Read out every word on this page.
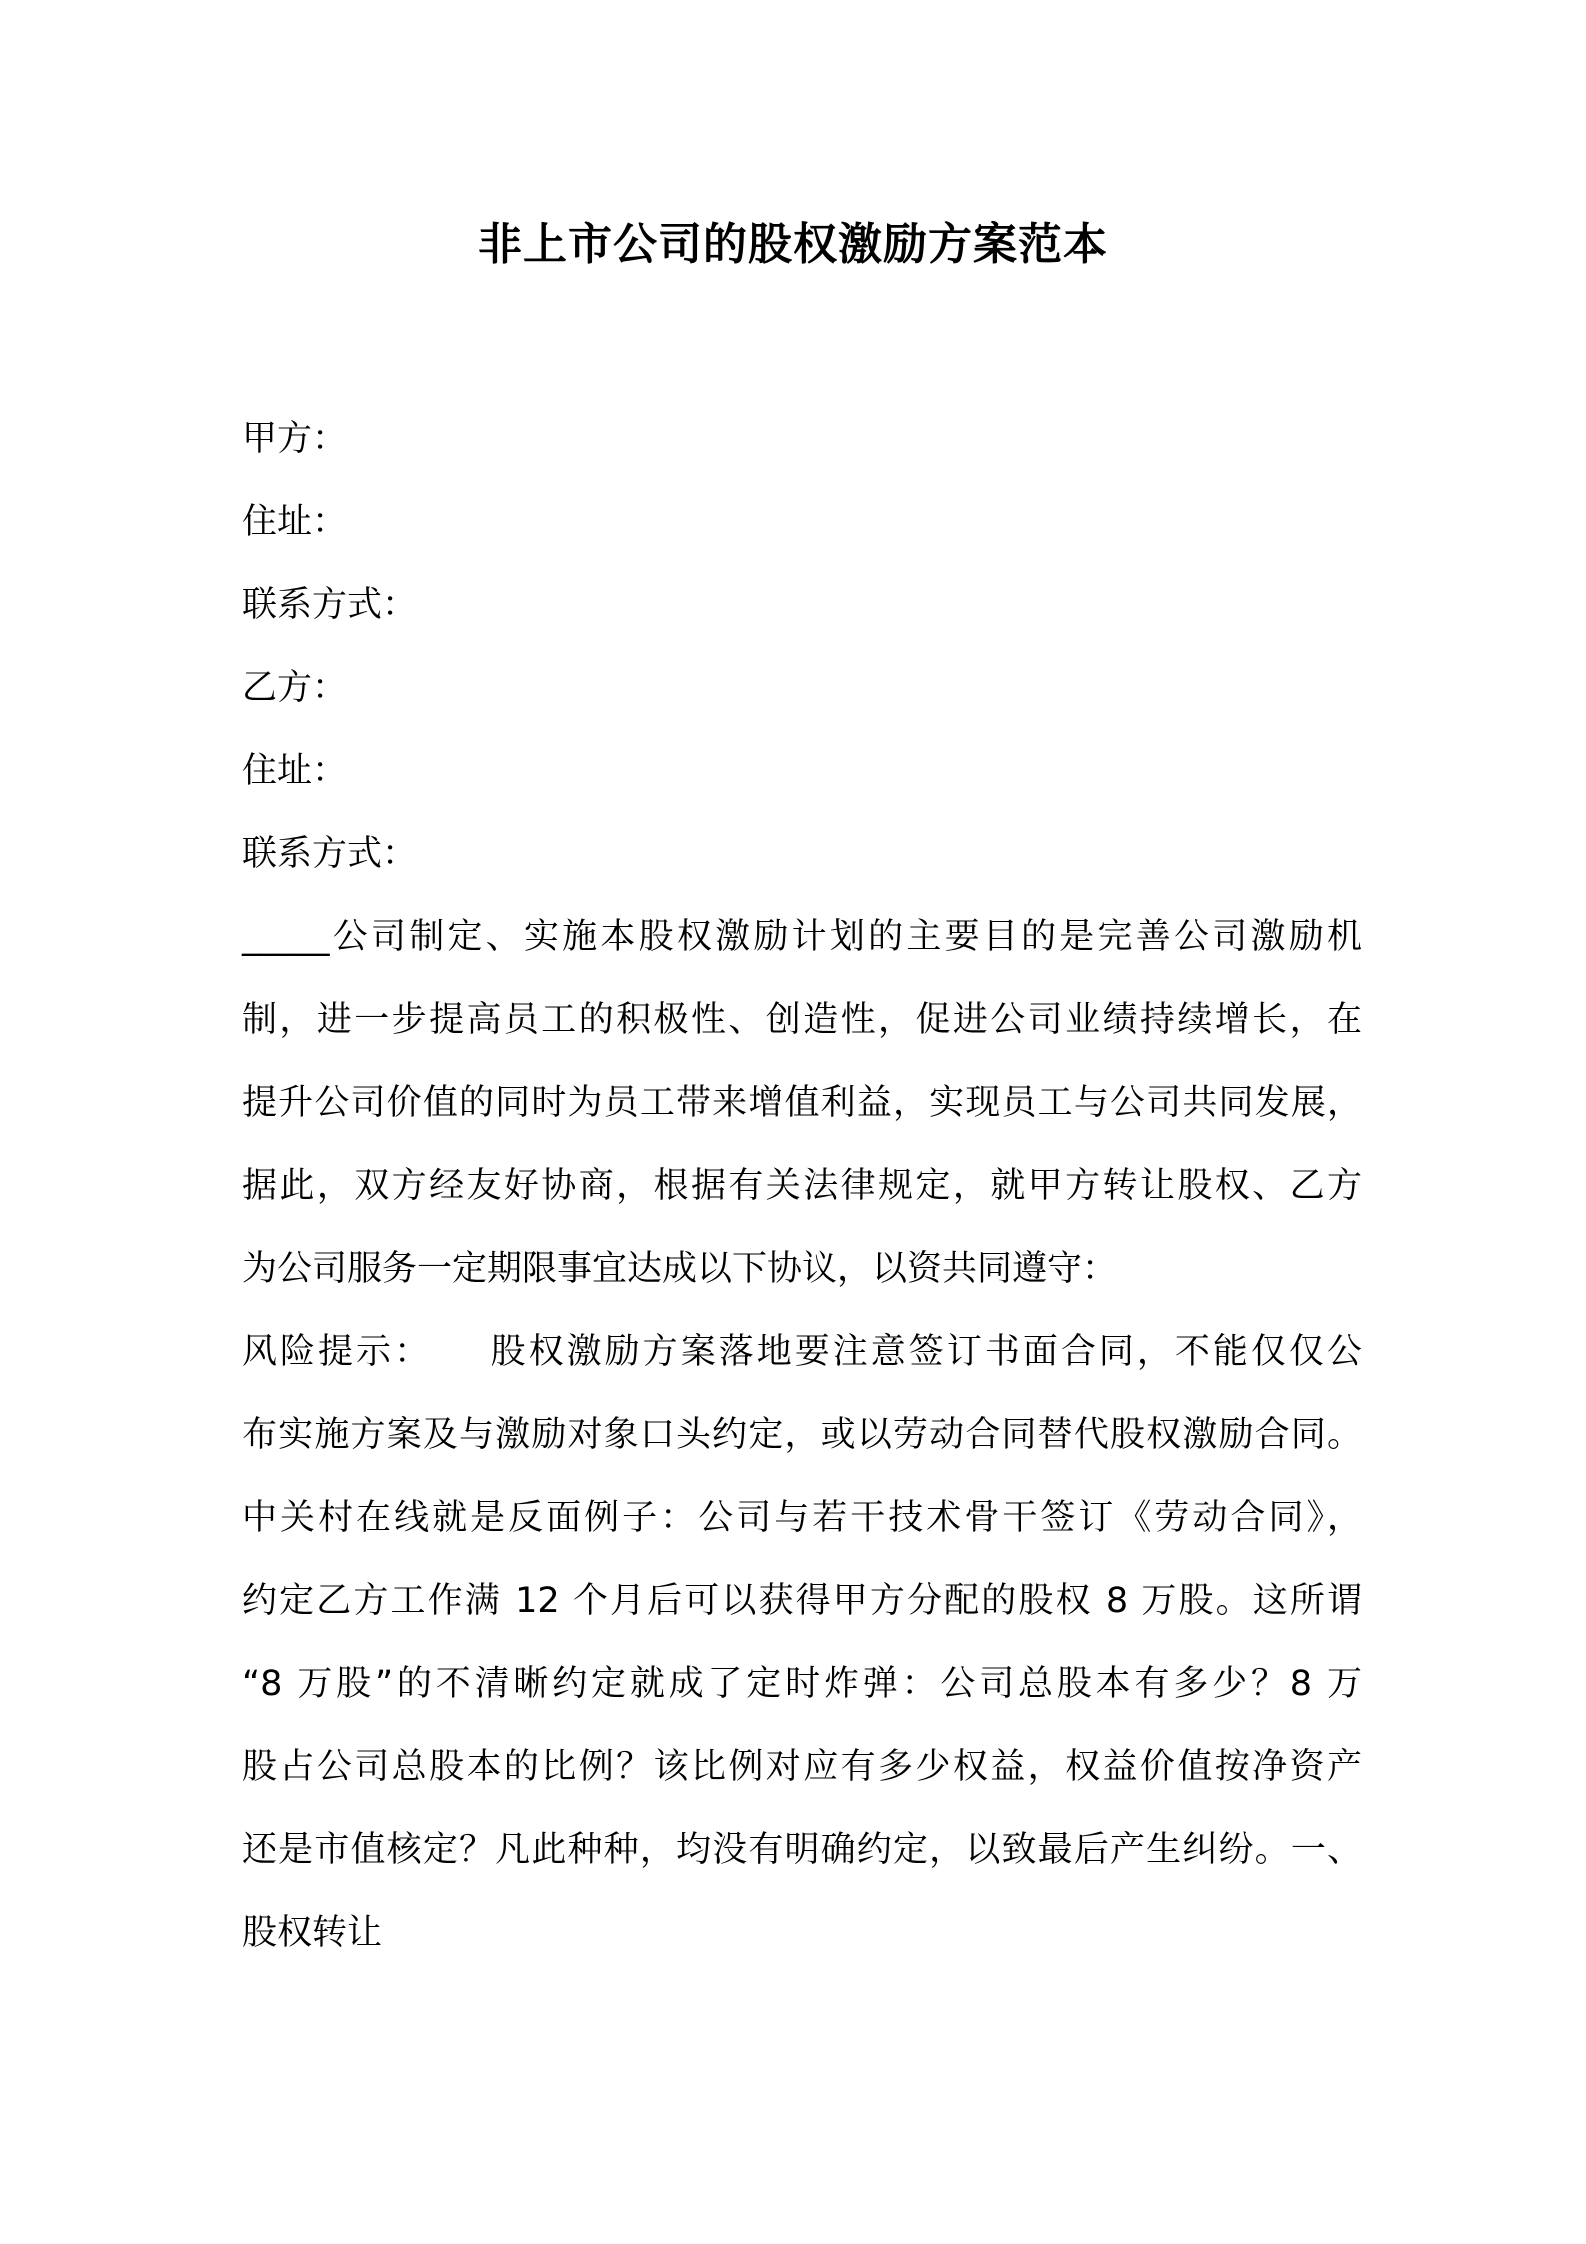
非上市公司的股权激励方案范本
甲方：
住址：
联系方式：
乙方：
住址：
联系方式：
_____公司制定、实施本股权激励计划的主要目的是完善公司激励机
制，进一步提高员工的积极性、创造性，促进公司业绩持续增长，在
提升公司价值的同时为员工带来增值利益，实现员工与公司共同发展，
据此，双方经友好协商，根据有关法律规定，就甲方转让股权、乙方
为公司服务一定期限事宜达成以下协议，以资共同遵守：
风险提示：　　股权激励方案落地要注意签订书面合同，不能仅仅公
布实施方案及与激励对象口头约定，或以劳动合同替代股权激励合同。
中关村在线就是反面例子：公司与若干技术骨干签订《劳动合同》，
约定乙方工作满 12 个月后可以获得甲方分配的股权 8 万股。这所谓
“8 万股”的不清晰约定就成了定时炸弹：公司总股本有多少？8 万
股占公司总股本的比例？该比例对应有多少权益，权益价值按净资产
还是市值核定？凡此种种，均没有明确约定，以致最后产生纠纷。一、
股权转让
